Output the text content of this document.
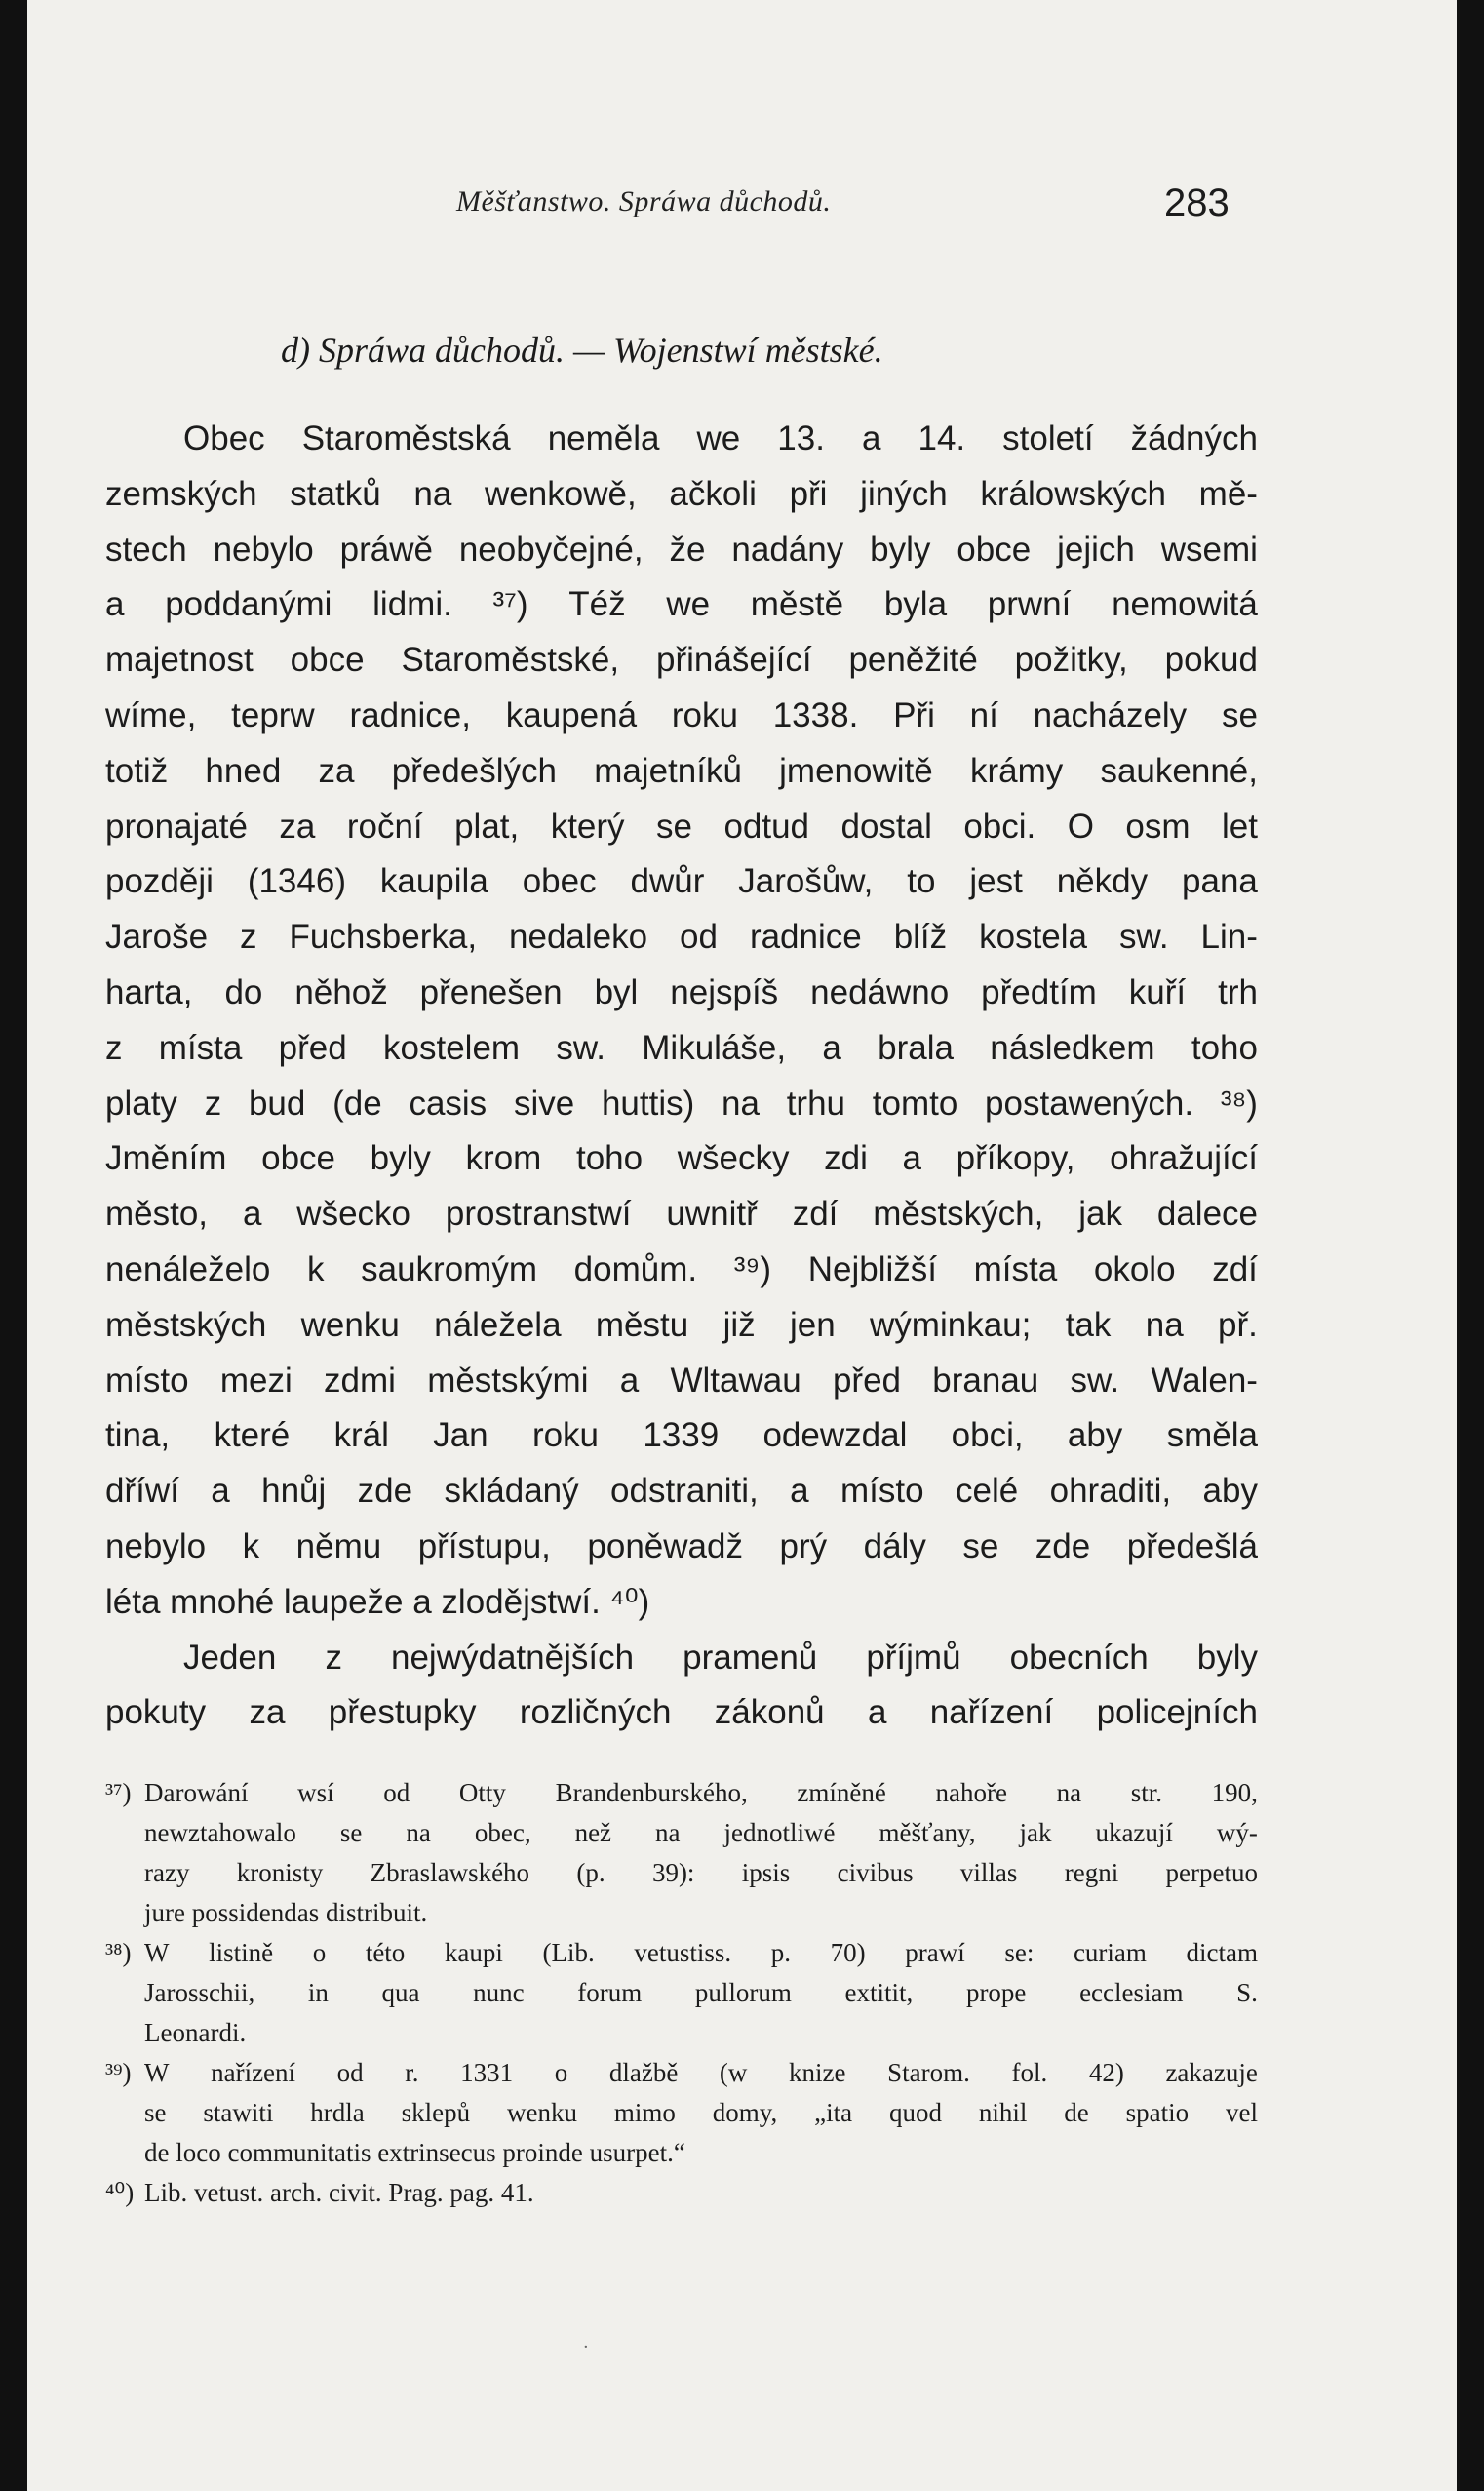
Měšťanstwo. Spráwa důchodů.	283
d) Spráwa důchodů. — Wojenstwí městské.
Obec Staroměstská neměla we 13. a 14. století žádných
zemských statků na wenkowě, ačkoli při jiných králowských mě-
stech nebylo práwě neobyčejné, že nadány byly obce jejich wsemi
a poddanými lidmi. ³⁷) Též we městě byla prwní nemowitá
majetnost obce Staroměstské, přinášející peněžité požitky, pokud
wíme, teprw radnice, kaupená roku 1338. Při ní nacházely se
totiž hned za předešlých majetníků jmenowitě krámy saukenné,
pronajaté za roční plat, který se odtud dostal obci. O osm let
později (1346) kaupila obec dwůr Jarošůw, to jest někdy pana
Jaroše z Fuchsberka, nedaleko od radnice blíž kostela sw. Lin-
harta, do něhož přenešen byl nejspíš nedáwno předtím kuří trh
z místa před kostelem sw. Mikuláše, a brala následkem toho
platy z bud (de casis sive huttis) na trhu tomto postawených. ³⁸)
Jměním obce byly krom toho wšecky zdi a příkopy, ohražující
město, a wšecko prostranstwí uwnitř zdí městských, jak dalece
nenáleželo k saukromým domům. ³⁹) Nejbližší místa okolo zdí
městských wenku náležela městu již jen wýminkau; tak na př.
místo mezi zdmi městskými a Wltawau před branau sw. Walen-
tina, které král Jan roku 1339 odewzdal obci, aby směla
dříwí a hnůj zde skládaný odstraniti, a místo celé ohraditi, aby
nebylo k němu přístupu, poněwadž prý dály se zde předešlá
léta mnohé laupeže a zlodějstwí. ⁴⁰)
Jeden z nejwýdatnějších pramenů příjmů obecních byly
pokuty za přestupky rozličných zákonů a nařízení policejních
³⁷) Darowání wsí od Otty Brandenburského, zmíněné nahoře na str. 190,
newztahowalo se na obec, než na jednotliwé měšťany, jak ukazují wý-
razy kronisty Zbraslawského (p. 39): ipsis civibus villas regni perpetuo
jure possidendas distribuit.
³⁸) W listině o této kaupi (Lib. vetustiss. p. 70) prawí se: curiam dictam
Jarosschii, in qua nunc forum pullorum extitit, prope ecclesiam S.
Leonardi.
³⁹) W nařízení od r. 1331 o dlažbě (w knize Starom. fol. 42) zakazuje
se stawiti hrdla sklepů wenku mimo domy, „ita quod nihil de spatio vel
de loco communitatis extrinsecus proinde usurpet.“
⁴⁰) Lib. vetust. arch. civit. Prag. pag. 41.
·
